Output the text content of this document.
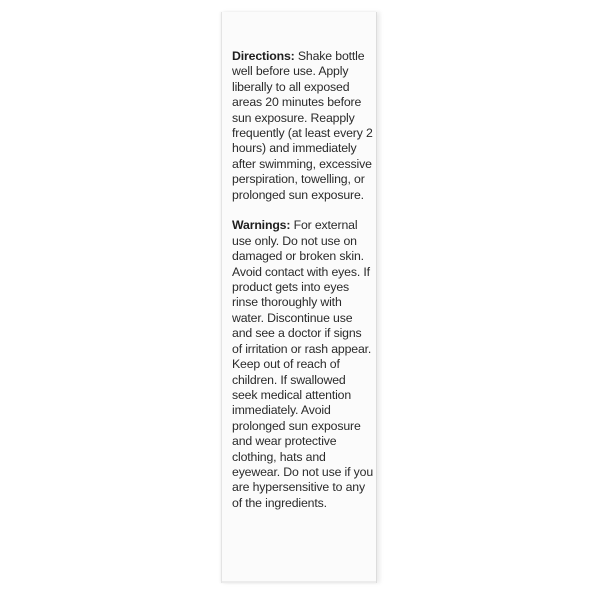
Directions: Shake bottle well before use. Apply liberally to all exposed areas 20 minutes before sun exposure. Reapply frequently (at least every 2 hours) and immediately after swimming, excessive perspiration, towelling, or prolonged sun exposure.

Warnings: For external use only. Do not use on damaged or broken skin. Avoid contact with eyes. If product gets into eyes rinse thoroughly with water. Discontinue use and see a doctor if signs of irritation or rash appear. Keep out of reach of children. If swallowed seek medical attention immediately. Avoid prolonged sun exposure and wear protective clothing, hats and eyewear. Do not use if you are hypersensitive to any of the ingredients.
